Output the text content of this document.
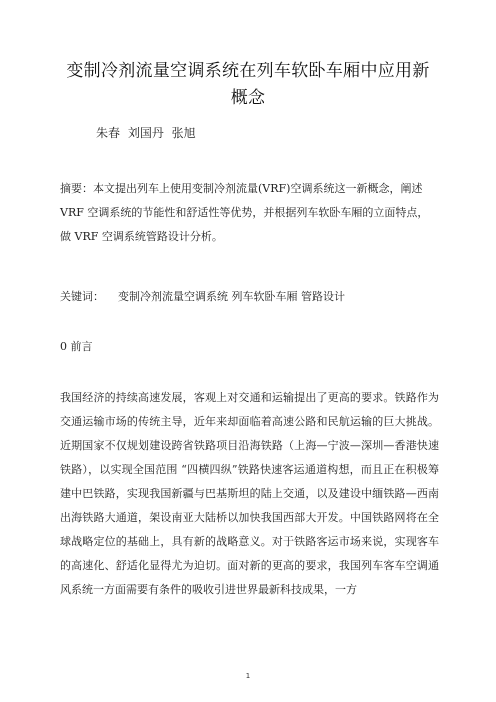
变制冷剂流量空调系统在列车软卧车厢中应用新概念
朱春 刘国丹 张旭
摘要：本文提出列车上使用变制冷剂流量(VRF)空调系统这一新概念，阐述 VRF 空调系统的节能性和舒适性等优势，并根据列车软卧车厢的立面特点，做 VRF 空调系统管路设计分析。
关键词： 变制冷剂流量空调系统 列车软卧车厢 管路设计
0 前言
我国经济的持续高速发展，客观上对交通和运输提出了更高的要求。铁路作为交通运输市场的传统主导，近年来却面临着高速公路和民航运输的巨大挑战。近期国家不仅规划建设跨省铁路项目沿海铁路（上海—宁波—深圳—香港快速铁路），以实现全国范围 “四横四纵”铁路快速客运通道构想，而且正在积极筹建中巴铁路，实现我国新疆与巴基斯坦的陆上交通，以及建设中缅铁路—西南出海铁路大通道，架设南亚大陆桥以加快我国西部大开发。中国铁路网将在全球战略定位的基础上，具有新的战略意义。对于铁路客运市场来说，实现客车的高速化、舒适化显得尤为迫切。面对新的更高的要求，我国列车客车空调通风系统一方面需要有条件的吸收引进世界最新科技成果，一方
1
